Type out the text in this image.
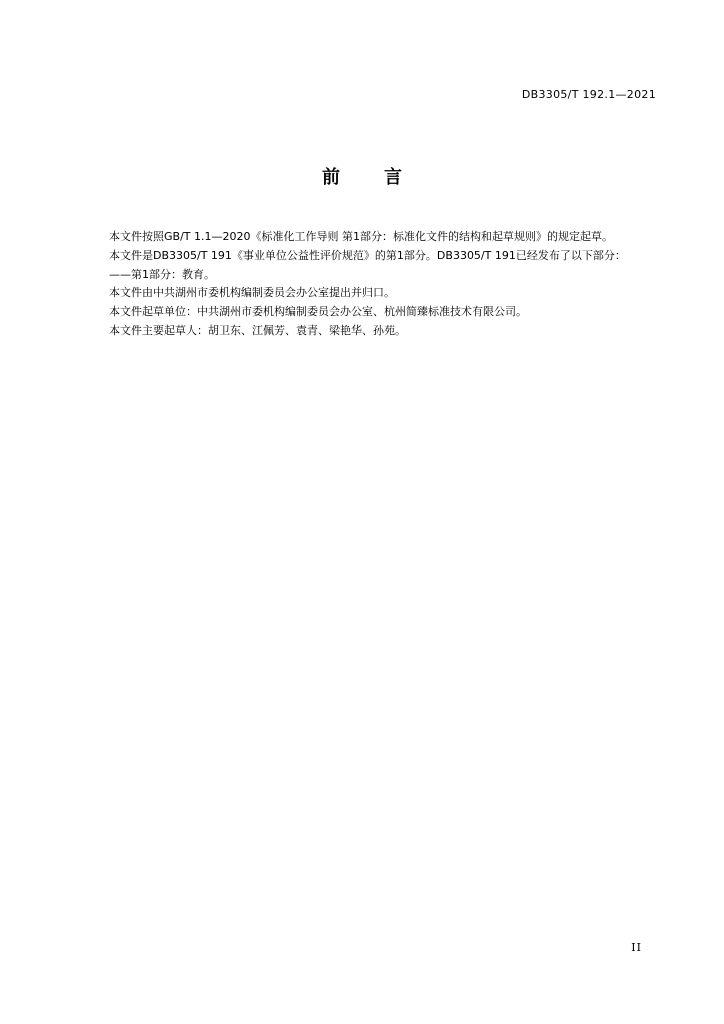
DB3305/T 192.1—2021
前言

本文件按照GB/T 1.1—2020《标准化工作导则 第1部分：标准化文件的结构和起草规则》的规定起草。

本文件是DB3305/T 191《事业单位公益性评价规范》的第1部分。DB3305/T 191已经发布了以下部分：

——第1部分：教育。

本文件由中共湖州市委机构编制委员会办公室提出并归口。

本文件起草单位：中共湖州市委机构编制委员会办公室、杭州简臻标准技术有限公司。

本文件主要起草人：胡卫东、江佩芳、袁青、梁艳华、孙苑。

II
